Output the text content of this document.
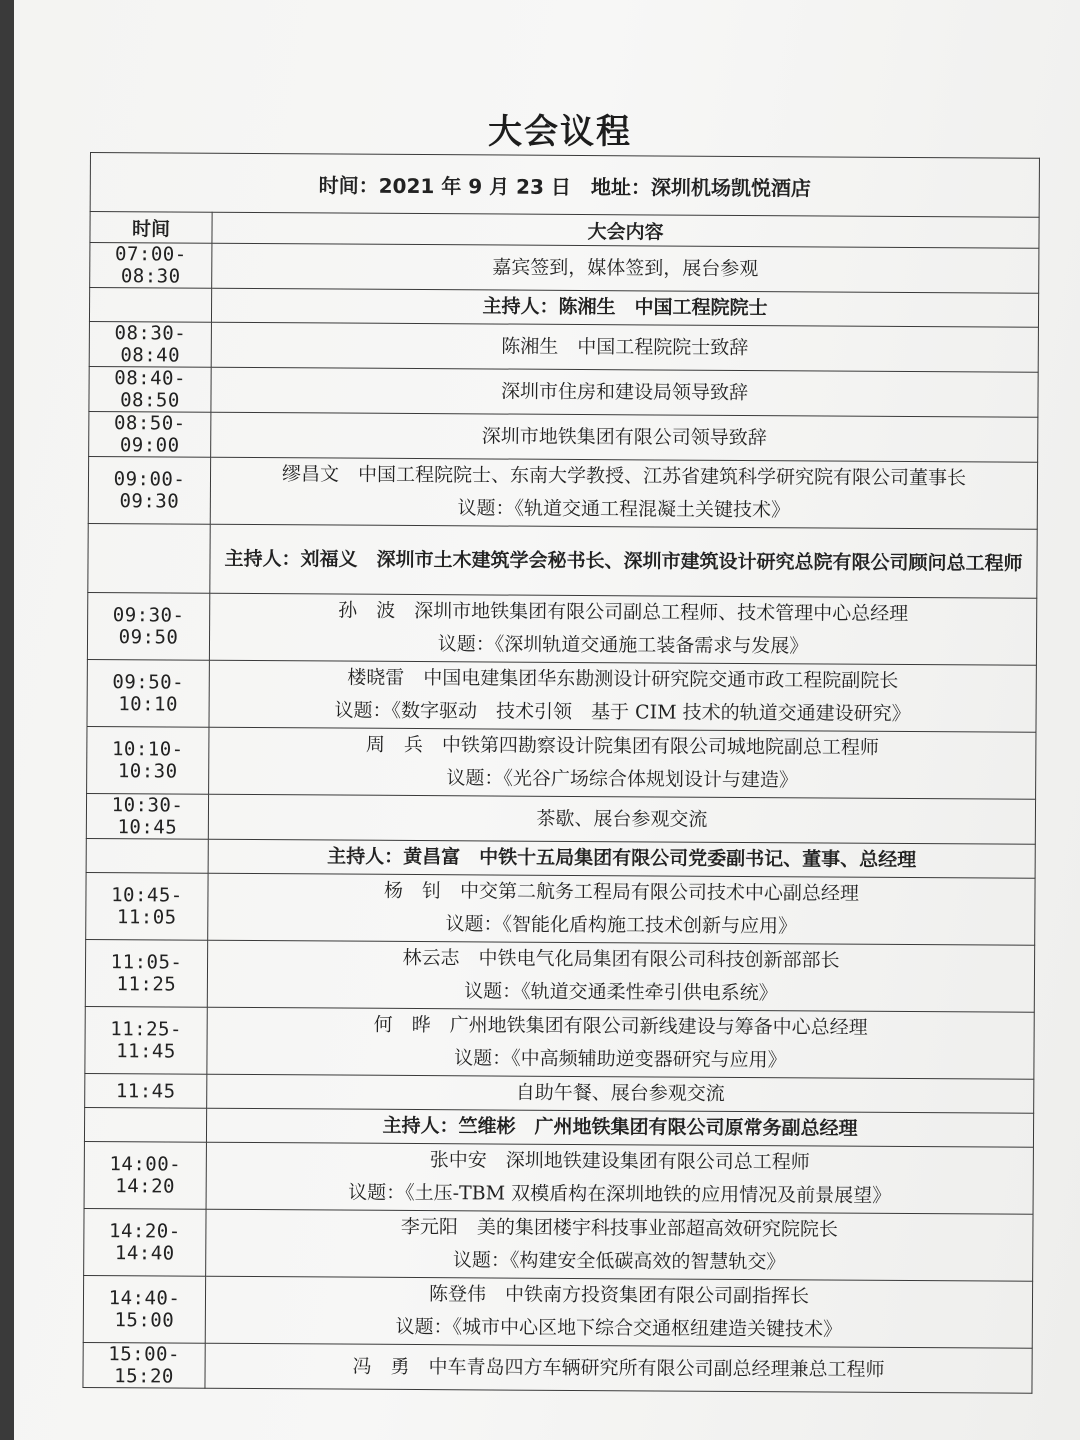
大会议程
时间：2021 年 9 月 23 日　地址：深圳机场凯悦酒店	
时间	大会内容
07:00-08:30	嘉宾签到，媒体签到，展台参观

	主持人：陈湘生　中国工程院院士

08:30-08:40	陈湘生　中国工程院院士致辞

08:40-08:50	深圳市住房和建设局领导致辞

08:50-09:00	深圳市地铁集团有限公司领导致辞

09:00-09:30	缪昌文　中国工程院院士、东南大学教授、江苏省建筑科学研究院有限公司董事长
议题：《轨道交通工程混凝土关键技术》

	主持人：刘福义　深圳市土木建筑学会秘书长、深圳市建筑设计研究总院有限公司顾问总工程师
09:30-09:50	孙　波　深圳市地铁集团有限公司副总工程师、技术管理中心总经理
议题：《深圳轨道交通施工装备需求与发展》

09:50-10:10	楼晓雷　中国电建集团华东勘测设计研究院交通市政工程院副院长
议题：《数字驱动　技术引领　基于 CIM 技术的轨道交通建设研究》

10:10-10:30	周　兵　中铁第四勘察设计院集团有限公司城地院副总工程师
议题：《光谷广场综合体规划设计与建造》

10:30-10:45	茶歇、展台参观交流

	主持人：黄昌富　中铁十五局集团有限公司党委副书记、董事、总经理

10:45-11:05	杨　钊　中交第二航务工程局有限公司技术中心副总经理
议题：《智能化盾构施工技术创新与应用》

11:05-11:25	林云志　中铁电气化局集团有限公司科技创新部部长
议题：《轨道交通柔性牵引供电系统》

11:25-11:45	何　晔　广州地铁集团有限公司新线建设与筹备中心总经理
议题：《中高频辅助逆变器研究与应用》

11:45	自助午餐、展台参观交流

	主持人：竺维彬　广州地铁集团有限公司原常务副总经理

14:00-14:20	张中安　深圳地铁建设集团有限公司总工程师
议题：《土压-TBM 双模盾构在深圳地铁的应用情况及前景展望》

14:20-14:40	李元阳　美的集团楼宇科技事业部超高效研究院院长
议题：《构建安全低碳高效的智慧轨交》

14:40-15:00	陈登伟　中铁南方投资集团有限公司副指挥长
议题：《城市中心区地下综合交通枢纽建造关键技术》

15:00-15:20	冯　勇　中车青岛四方车辆研究所有限公司副总经理兼总工程师
